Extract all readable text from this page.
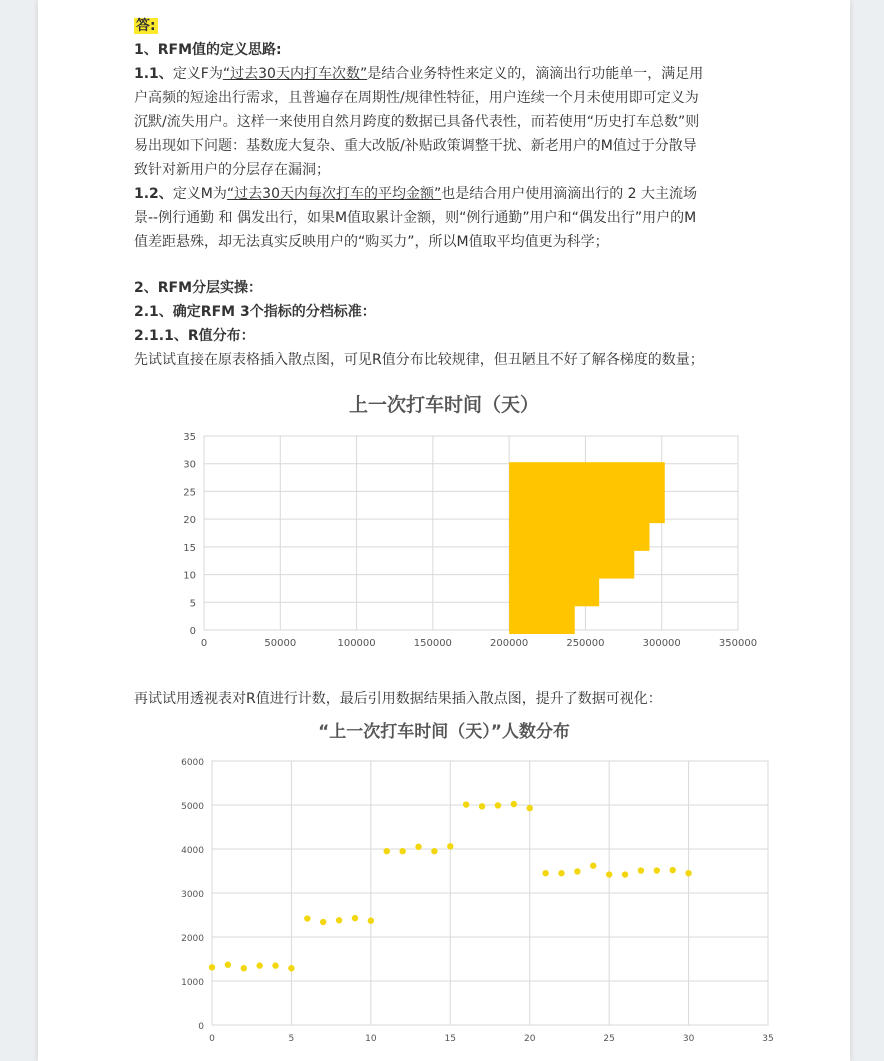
答:

1、RFM值的定义思路:

1.1、定义F为“过去30天内打车次数”是结合业务特性来定义的，滴滴出行功能单一，满足用

户高频的短途出行需求，且普遍存在周期性/规律性特征，用户连续一个月未使用即可定义为

沉默/流失用户。这样一来使用自然月跨度的数据已具备代表性，而若使用“历史打车总数”则

易出现如下问题：基数庞大复杂、重大改版/补贴政策调整干扰、新老用户的M值过于分散导

致针对新用户的分层存在漏洞；

1.2、定义M为“过去30天内每次打车的平均金额”也是结合用户使用滴滴出行的 2 大主流场

景--例行通勤 和 偶发出行，如果M值取累计金额，则“例行通勤”用户和“偶发出行”用户的M

值差距悬殊，却无法真实反映用户的“购买力”，所以M值取平均值更为科学；

2、RFM分层实操：

2.1、确定RFM 3个指标的分档标准：

2.1.1、R值分布：

先试试直接在原表格插入散点图，可见R值分布比较规律，但丑陋且不好了解各梯度的数量；

上一次打车时间（天）
0
5
10
15
20
25
30
35
0	50000	100000	150000	200000	250000	300000	350000

再试试用透视表对R值进行计数，最后引用数据结果插入散点图，提升了数据可视化：

“上一次打车时间（天）”人数分布
0
1000
2000
3000
4000
5000
6000
0	5	10	15	20	25	30	35
